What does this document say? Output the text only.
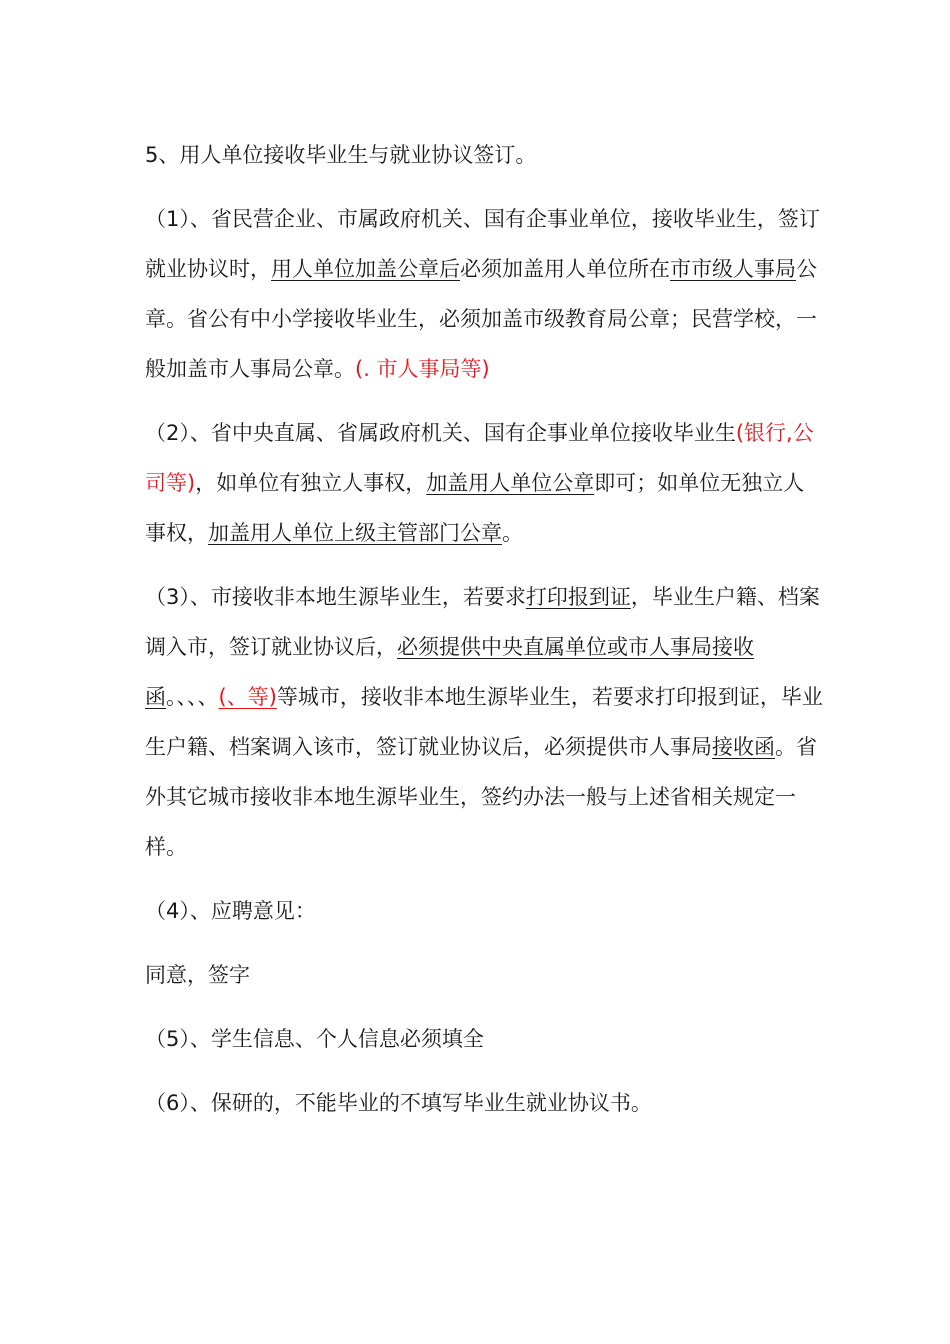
5、用人单位接收毕业生与就业协议签订。

（1）、省民营企业、市属政府机关、国有企事业单位，接收毕业生，签订就业协议时，用人单位加盖公章后必须加盖用人单位所在市市级人事局公章。省公有中小学接收毕业生，必须加盖市级教育局公章；民营学校，一般加盖市人事局公章。(. 市人事局等)

（2）、省中央直属、省属政府机关、国有企事业单位接收毕业生(银行,公司等)，如单位有独立人事权，加盖用人单位公章即可；如单位无独立人事权，加盖用人单位上级主管部门公章。

（3）、市接收非本地生源毕业生，若要求打印报到证，毕业生户籍、档案调入市，签订就业协议后，必须提供中央直属单位或市人事局接收函。、、、(、等)等城市，接收非本地生源毕业生，若要求打印报到证，毕业生户籍、档案调入该市，签订就业协议后，必须提供市人事局接收函。省外其它城市接收非本地生源毕业生，签约办法一般与上述省相关规定一样。

（4）、应聘意见：

同意，签字

（5）、学生信息、个人信息必须填全

（6）、保研的，不能毕业的不填写毕业生就业协议书。
